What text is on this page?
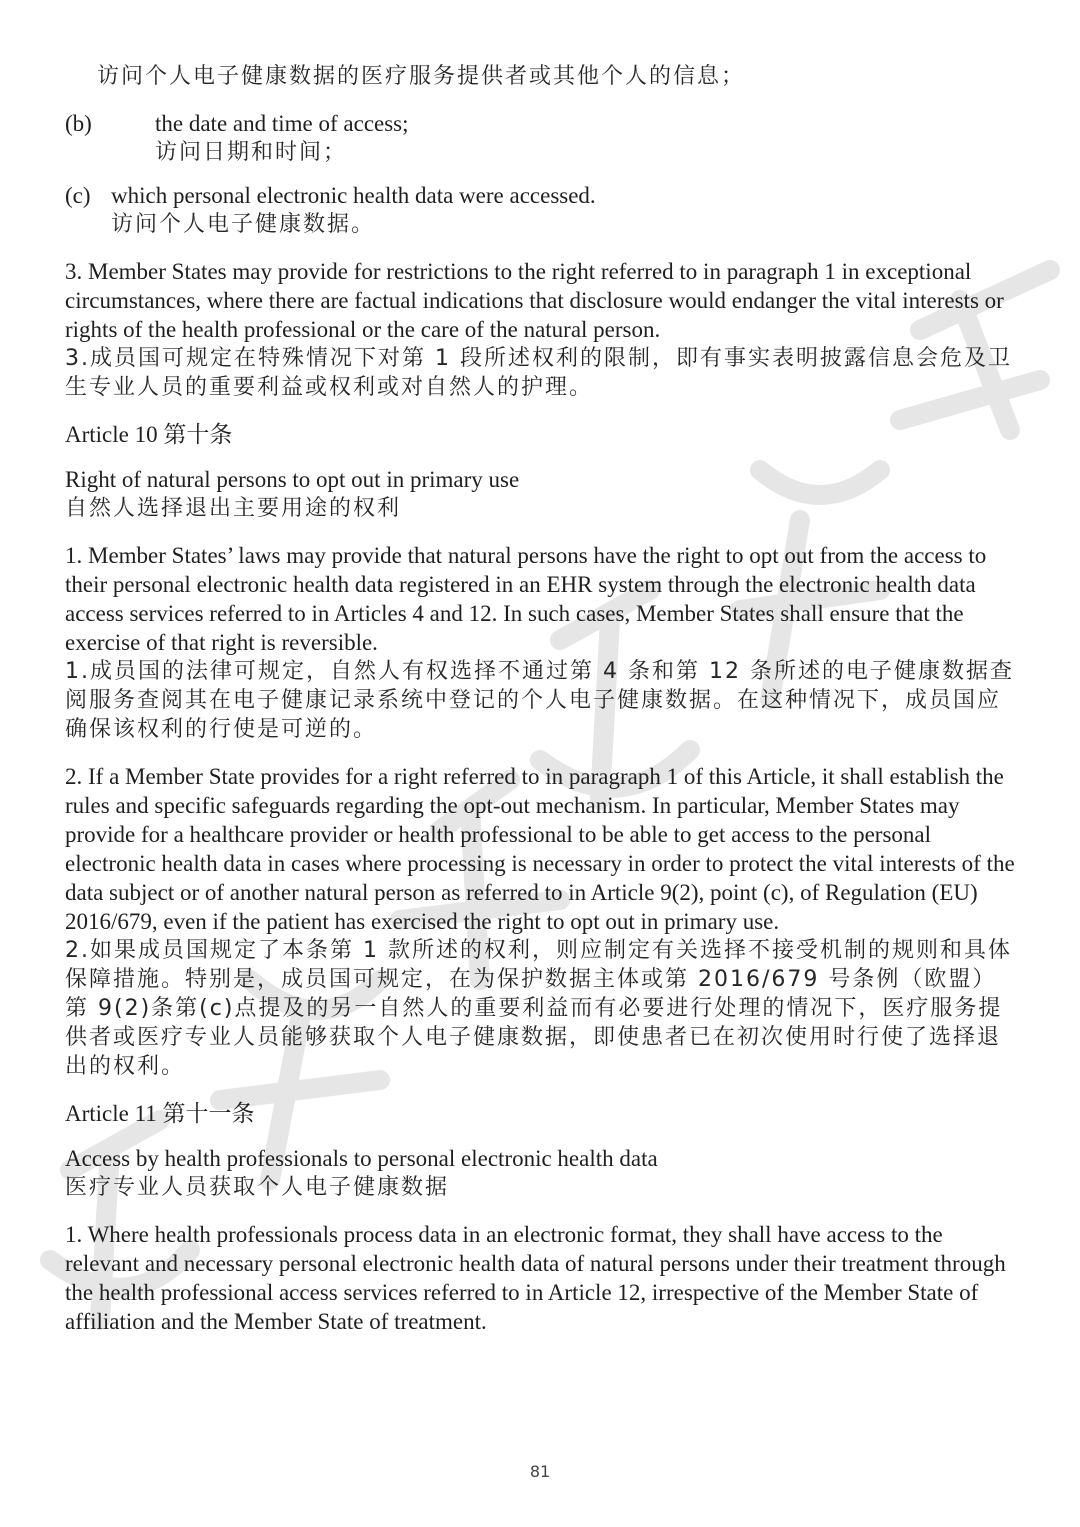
访问个人电子健康数据的医疗服务提供者或其他个人的信息；

(b)	the date and time of access;

访问日期和时间；

(c) which personal electronic health data were accessed.

访问个人电子健康数据。

3. Member States may provide for restrictions to the right referred to in paragraph 1 in exceptional circumstances, where there are factual indications that disclosure would endanger the vital interests or rights of the health professional or the care of the natural person.

3.成员国可规定在特殊情况下对第 1 段所述权利的限制，即有事实表明披露信息会危及卫生专业人员的重要利益或权利或对自然人的护理。

Article 10 第十条

Right of natural persons to opt out in primary use

自然人选择退出主要用途的权利

1. Member States’ laws may provide that natural persons have the right to opt out from the access to their personal electronic health data registered in an EHR system through the electronic health data access services referred to in Articles 4 and 12. In such cases, Member States shall ensure that the exercise of that right is reversible.

1.成员国的法律可规定，自然人有权选择不通过第 4 条和第 12 条所述的电子健康数据查 阅服务查阅其在电子健康记录系统中登记的个人电子健康数据。在这种情况下，成员国应确保该权利的行使是可逆的。

2. If a Member State provides for a right referred to in paragraph 1 of this Article, it shall establish the rules and specific safeguards regarding the opt-out mechanism. In particular, Member States may provide for a healthcare provider or health professional to be able to get access to the personal electronic health data in cases where processing is necessary in order to protect the vital interests of the data subject or of another natural person as referred to in Article 9(2), point (c), of Regulation (EU) 2016/679, even if the patient has exercised the right to opt out in primary use.

2.如果成员国规定了本条第 1 款所述的权利，则应制定有关选择不接受机制的规则和具体保障措施。特别是，成员国可规定，在为保护数据主体或第 2016/679 号条例（欧盟）第 9(2)条第(c)点提及的另一自然人的重要利益而有必要进行处理的情况下，医疗服务提供者或医疗专业人员能够获取个人电子健康数据，即使患者已在初次使用时行使了选择退出的权利。

Article 11 第十一条

Access by health professionals to personal electronic health data

医疗专业人员获取个人电子健康数据

1. Where health professionals process data in an electronic format, they shall have access to the relevant and necessary personal electronic health data of natural persons under their treatment through the health professional access services referred to in Article 12, irrespective of the Member State of affiliation and the Member State of treatment.

81
